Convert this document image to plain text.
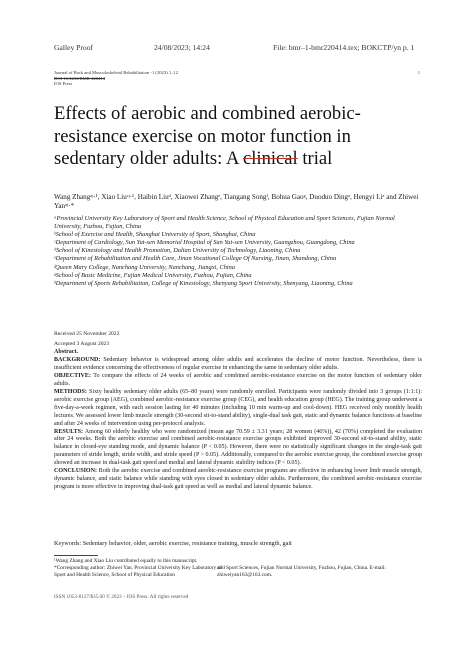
Galley Proof	24/08/2023; 14:24	File: bmr–1-bmr220414.tex; BOKCTP/yn p. 1
Journal of Back and Musculoskeletal Rehabilitation -1 (2023) 1–12	1
DOI 10.3233/BMR-220414
IOS Press
Effects of aerobic and combined aerobic-resistance exercise on motor function in sedentary older adults: A clinical trial
Wang Zhangᵃʲ·¹, Xiao Liuᶜʲ·¹, Haibin Liuᵈ, Xiaowei Zhangᵉ, Tiangang Songᶠ, Bohua Gaoᵍ, Duoduo Dingᵃ, Hengyi Liᵃ and Zhiwei Yanᵃʲ·*
ᵃProvincial University Key Laboratory of Sport and Health Science, School of Physical Education and Sport Sciences, Fujian Normal University, Fuzhou, Fujian, China
ᵇSchool of Exercise and Health, Shanghai University of Sport, Shanghai, China
ᶜDepartment of Cardiology, Sun Yat-sen Memorial Hospital of Sun Yat-sen University, Guangzhou, Guangdong, China
ᵈSchool of Kinesiology and Health Promotion, Dalian University of Technology, Liaoning, China
ᵉDepartment of Rehabilitation and Health Care, Jinan Vocational College Of Nursing, Jinan, Shandong, China
ᶠQueen Mary College, Nanchang University, Nanchang, Jiangxi, China
ᵍSchool of Basic Medicine, Fujian Medical University, Fuzhou, Fujian, China
ʰDepartment of Sports Rehabilitation, College of Kinesiology, Shenyang Sport University, Shenyang, Liaoning, China
Received 25 November 2022
Accepted 3 August 2023

Abstract.

BACKGROUND: Sedentary behavior is widespread among older adults and accelerates the decline of motor function. Nevertheless, there is insufficient evidence concerning the effectiveness of regular exercise in enhancing the same in sedentary older adults.

OBJECTIVE: To compare the effects of 24 weeks of aerobic and combined aerobic-resistance exercise on the motor function of sedentary older adults.

METHODS: Sixty healthy sedentary older adults (65–80 years) were randomly enrolled. Participants were randomly divided into 3 groups (1:1:1): aerobic exercise group (AEG), combined aerobic-resistance exercise group (CEG), and health education group (HEG). The training group underwent a five-day-a-week regimen, with each session lasting for 40 minutes (including 10 min warm-up and cool-down). HEG received only monthly health lectures. We assessed lower limb muscle strength (30-second sit-to-stand ability), single-dual task gait, static and dynamic balance functions at baseline and after 24 weeks of intervention using per-protocol analysis.

RESULTS: Among 60 elderly healthy who were randomized (mean age 70.59 ± 3.31 years; 28 women (46%)), 42 (70%) completed the evaluation after 24 weeks. Both the aerobic exercise and combined aerobic-resistance exercise groups exhibited improved 30-second sit-to-stand ability, static balance in closed-eye standing mode, and dynamic balance (P < 0.05). However, there were no statistically significant changes in the single-task gait parameters of stride length, stride width, and stride speed (P > 0.05). Additionally, compared to the aerobic exercise group, the combined exercise group showed an increase in dual-task gait speed and medial and lateral dynamic stability indices (P < 0.05).

CONCLUSION: Both the aerobic exercise and combined aerobic-resistance exercise programs are effective in enhancing lower limb muscle strength, dynamic balance, and static balance while standing with eyes closed in sedentary older adults. Furthermore, the combined aerobic-resistance exercise program is more effective in improving dual-task gait speed as well as medial and lateral dynamic balance.

Keywords: Sedentary behavior, older, aerobic exercise, resistance training, muscle strength, gait
¹Wang Zhang and Xiao Liu contributed equally to this manuscript.
*Corresponding author: Zhiwei Yan, Provincial University Key Laboratory of Sport and Health Science, School of Physical Education
and Sport Sciences, Fujian Normal University, Fuzhou, Fujian, China. E-mail: zhiweiyan163@163.com.
ISSN 1053-8127/$35.00 © 2023 – IOS Press. All rights reserved
